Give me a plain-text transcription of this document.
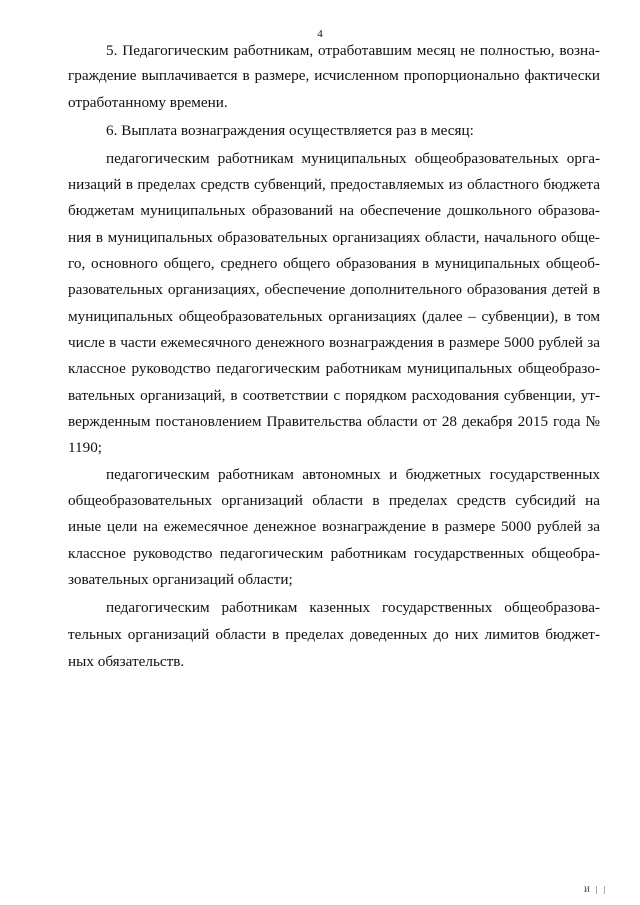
4

5. Педагогическим работникам, отработавшим месяц не полностью, возна-

граждение выплачивается в размере, исчисленном пропорционально фактически

отработанному времени.

6. Выплата вознаграждения осуществляется раз в месяц:

педагогическим работникам муниципальных общеобразовательных орга-

низаций в пределах средств субвенций, предоставляемых из областного бюджета

бюджетам муниципальных образований на обеспечение дошкольного образова-

ния в муниципальных образовательных организациях области, начального обще-

го, основного общего, среднего общего образования в муниципальных общеоб-

разовательных организациях, обеспечение дополнительного образования детей в

муниципальных общеобразовательных организациях (далее – субвенции), в том

числе в части ежемесячного денежного вознаграждения в размере 5000 рублей за

классное руководство педагогическим работникам муниципальных общеобразо-

вательных организаций, в соответствии с порядком расходования субвенции, ут-

вержденным постановлением Правительства области от 28 декабря 2015 года №

1190;

педагогическим работникам автономных и бюджетных государственных

общеобразовательных организаций области в пределах средств субсидий на

иные цели на ежемесячное денежное вознаграждение в размере 5000 рублей за

классное руководство педагогическим работникам государственных общеобра-

зовательных организаций области;

педагогическим работникам казенных государственных общеобразова-

тельных организаций области в пределах доведенных до них лимитов бюджет-

ных обязательств.

И | |
